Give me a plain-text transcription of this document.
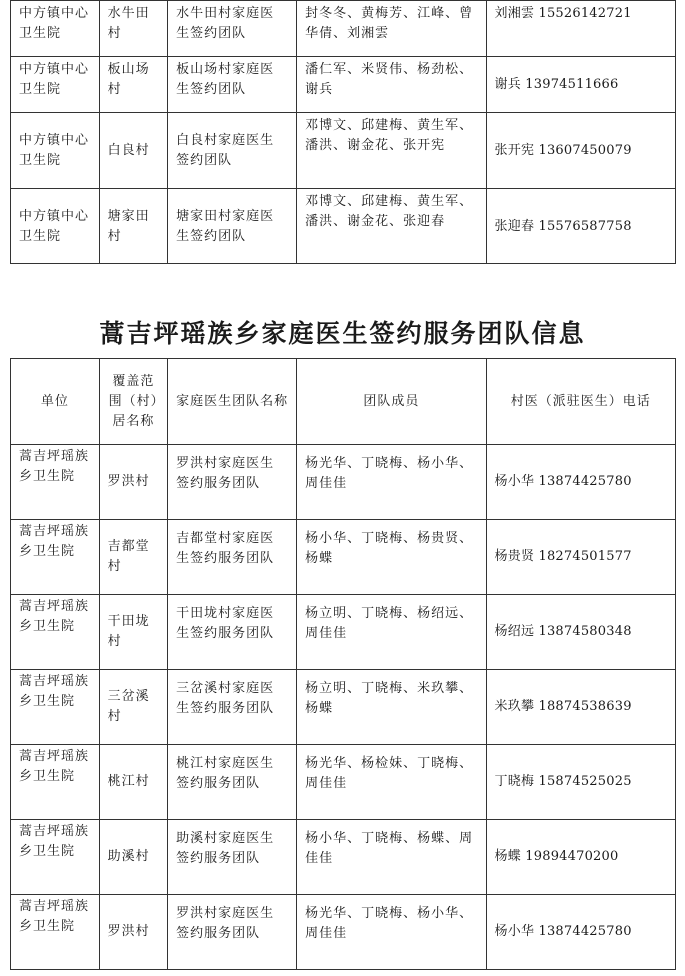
中方镇中心卫生院	水牛田村	水牛田村家庭医生签约团队	封冬冬、黄梅芳、江峰、曾华倩、刘湘雲	刘湘雲 15526142721
中方镇中心卫生院	板山场村	板山场村家庭医生签约团队	潘仁军、米贤伟、杨劲松、谢兵	谢兵 13974511666
中方镇中心卫生院	白良村	白良村家庭医生签约团队	邓博文、邱建梅、黄生军、潘洪、谢金花、张开宪	张开宪 13607450079
中方镇中心卫生院	塘家田村	塘家田村家庭医生签约团队	邓博文、邱建梅、黄生军、潘洪、谢金花、张迎春	张迎春 15576587758
蒿吉坪瑶族乡家庭医生签约服务团队信息
单位	覆盖范围（村）居名称	家庭医生团队名称	团队成员	村医（派驻医生）电话
蒿吉坪瑶族乡卫生院	罗洪村	罗洪村家庭医生签约服务团队	杨光华、丁晓梅、杨小华、周佳佳	杨小华 13874425780
蒿吉坪瑶族乡卫生院	吉都堂村	吉都堂村家庭医生签约服务团队	杨小华、丁晓梅、杨贵贤、杨蝶	杨贵贤 18274501577
蒿吉坪瑶族乡卫生院	干田垅村	干田垅村家庭医生签约服务团队	杨立明、丁晓梅、杨绍远、周佳佳	杨绍远 13874580348
蒿吉坪瑶族乡卫生院	三岔溪村	三岔溪村家庭医生签约服务团队	杨立明、丁晓梅、米玖攀、杨蝶	米玖攀 18874538639
蒿吉坪瑶族乡卫生院	桃江村	桃江村家庭医生签约服务团队	杨光华、杨检妹、丁晓梅、周佳佳	丁晓梅 15874525025
蒿吉坪瑶族乡卫生院	助溪村	助溪村家庭医生签约服务团队	杨小华、丁晓梅、杨蝶、周佳佳	杨蝶 19894470200
蒿吉坪瑶族乡卫生院	罗洪村	罗洪村家庭医生签约服务团队	杨光华、丁晓梅、杨小华、周佳佳	杨小华 13874425780
